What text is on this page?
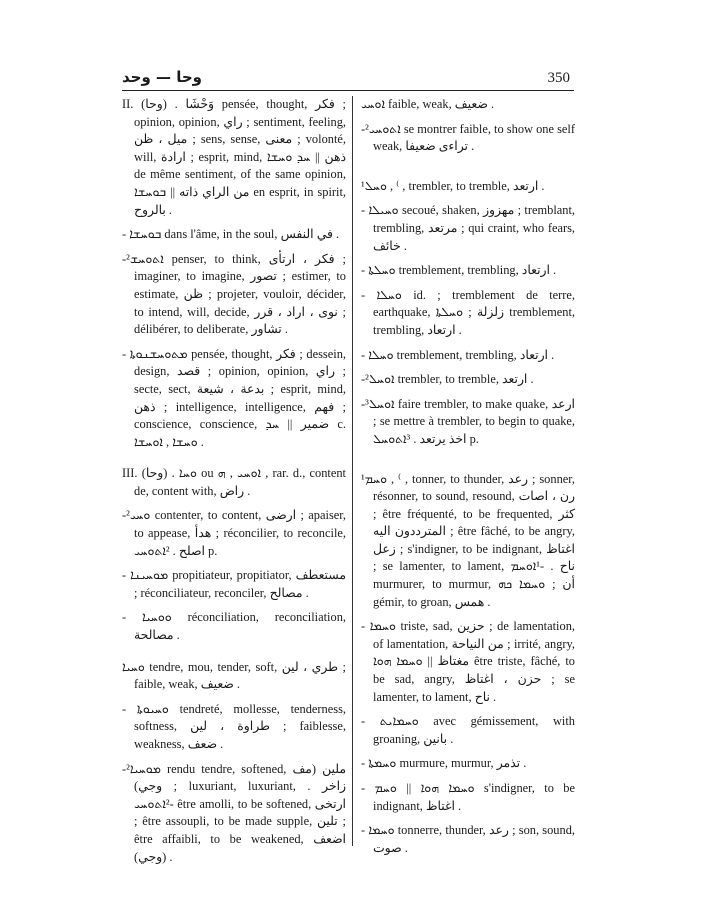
وحا — وحد	350

II. (وحا) . وَحْشَا pensée, thought, فكر ; opinion, opinion, راي ; sentiment, feeling, ميل ، ظن ; sens, sense, معنى ; volonté, will, ارادة ; esprit, mind, ذهن || ܚܕ ܘܚܫܐ de même sentiment, of the same opinion, من الراي ذاته || ܒܘܚܫܐ en esprit, in spirit, بالروح .

- ܒܘܚܫܐ dans l'âme, in the soul, في النفس .

-²ܐܬܘܚܫ penser, to think, فكر ، ارتأى ; imaginer, to imagine, تصور ; estimer, to estimate, ظن ; projeter, vouloir, décider, to intend, will, decide, نوى ، اراد ، قرر ; délibérer, to deliberate, تشاور .

- ܡܬܘܚܫܢܘܬܐ pensée, thought, فكر ; dessein, design, قصد ; opinion, opinion, راي ; secte, sect, بدعة ، شيعة ; esprit, mind, ذهن ; intelligence, intelligence, فهم ; conscience, conscience, ضمير || ܚܕ c. ܘܚܫܐ , ܐܘܚܫܐ .

III. (وحا) . ܘܚܐ ou ܐܘܚܝ , ܗ , rar. d., content de, content with, راض .

-²ܘܚܝ contenter, to content, ارضى ; apaiser, to appease, هدأ ; réconcilier, to reconcile, اصلح . ²ܐܬܘܚܝ p.

- ܡܘܚܝܢܐ propitiateur, propitiator, مستعطف ; réconciliateur, reconciler, مصالح .

- ܘܘܚܝܐ réconciliation, reconciliation, مصالحة .

ܘܚܝܐ tendre, mou, tender, soft, طري ، لين ; faible, weak, ضعيف .

- ܘܚܝܘܬܐ tendreté, mollesse, tenderness, softness, طراوة ، لين ; faiblesse, weakness, ضعف .

-²ܡܘܚܝܐ rendu tendre, softened, ملين (مف وجي) ; luxuriant, luxuriant, زاخر . -²ܐܬܘܚܝ être amolli, to be softened, ارتخى ; être assoupli, to be made supple, تلين ; être affaibli, to be weakened, اضعف (وجي) .

ܐܘܚܝ faible, weak, ضعيف .

-²ܐܬܘܚܝ se montrer faible, to show one self weak, تراءى ضعيفا .

¹ܘܚܠ , ⁽ , trembler, to tremble, ارتعد .

- ܘܚܝܠܐ secoué, shaken, مهزوز ; tremblant, trembling, مرتعد ; qui craint, who fears, خائف .

- ܘܚܠܬܐ tremblement, trembling, ارتعاد .

- ܘܚܠܐ id. ; tremblement de terre, earthquake, زلزلة ; ܘܚܠܬܐ tremblement, trembling, ارتعاد .

- ܘܚܠܐ tremblement, trembling, ارتعاد .

-²ܐܘܚܠ trembler, to tremble, ارتعد .

-³ܐܘܚܠ faire trembler, to make quake, ارعد ; se mettre à trembler, to begin to quake, اخذ يرتعد . ³ܐܬܘܚܠ p.

¹ܘܚܡ , ⁽ , tonner, to thunder, رعد ; sonner, résonner, to sound, resound, رن ، اصات ; être fréquenté, to be frequented, كثر المترددون اليه ; être fâché, to be angry, زعل ; s'indigner, to be indignant, اغتاظ ; se lamenter, to lament, ناح . -¹ܐܘܚܡ murmurer, to murmur, أن ; ܘܚܡܐ ܟܗ gémir, to groan, همس .

- ܘܚܡܐ triste, sad, حزين ; de lamentation, of lamentation, من النياحة ; irrité, angry, مغتاظ || ܘܚܡܐ ܗܘܐ être triste, fâché, to be sad, angry, حزن ، اغتاظ ; se lamenter, to lament, ناح .

- ܘܚܡܐܝܬ avec gémissement, with groaning, بانين .

- ܘܚܡܬܐ murmure, murmur, تذمر .

- ܘܚܡܐ ܗܘܐ || ܘܚܡ s'indigner, to be indignant, اغتاظ .

- ܘܚܡܐ tonnerre, thunder, رعد ; son, sound, صوت .
